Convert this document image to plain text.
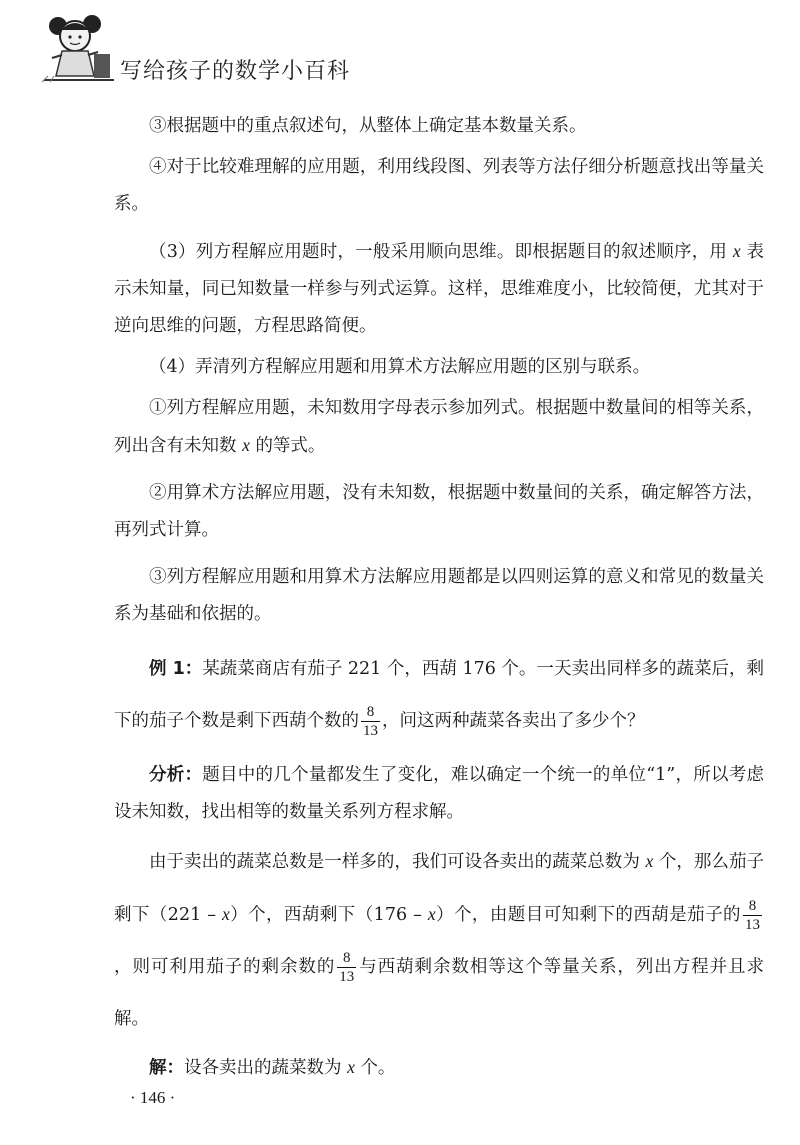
写给孩子的数学小百科

③根据题中的重点叙述句，从整体上确定基本数量关系。

④对于比较难理解的应用题，利用线段图、列表等方法仔细分析题意找出等量关系。

（3）列方程解应用题时，一般采用顺向思维。即根据题目的叙述顺序，用 x 表示未知量，同已知数量一样参与列式运算。这样，思维难度小，比较简便，尤其对于逆向思维的问题，方程思路简便。

（4）弄清列方程解应用题和用算术方法解应用题的区别与联系。

①列方程解应用题，未知数用字母表示参加列式。根据题中数量间的相等关系，列出含有未知数 x 的等式。

②用算术方法解应用题，没有未知数，根据题中数量间的关系，确定解答方法，再列式计算。

③列方程解应用题和用算术方法解应用题都是以四则运算的意义和常见的数量关系为基础和依据的。

例 1：某蔬菜商店有茄子 221 个，西葫 176 个。一天卖出同样多的蔬菜后，剩下的茄子个数是剩下西葫个数的 $\frac{8}{13}$ ，问这两种蔬菜各卖出了多少个？

分析：题目中的几个量都发生了变化，难以确定一个统一的单位“1”，所以考虑设未知数，找出相等的数量关系列方程求解。

由于卖出的蔬菜总数是一样多的，我们可设各卖出的蔬菜总数为 x 个，那么茄子剩下（221 – x）个，西葫剩下（176 – x）个，由题目可知剩下的西葫是茄子的 $\frac{8}{13}$
，则可利用茄子的剩余数的 $\frac{8}{13}$ 与西葫剩余数相等这个等量关系，列出方程并且求解。

解：设各卖出的蔬菜数为 x 个。

· 146 ·
